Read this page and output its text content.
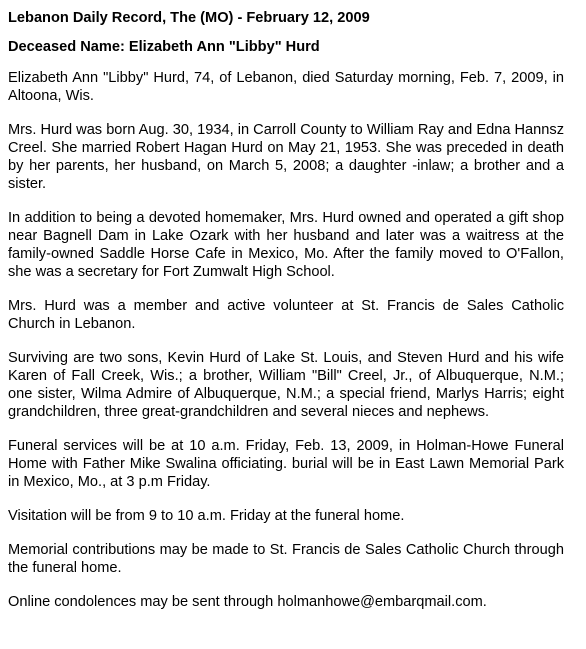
Lebanon Daily Record, The (MO) - February 12, 2009
Deceased Name: Elizabeth Ann "Libby" Hurd

Elizabeth Ann "Libby" Hurd, 74, of Lebanon, died Saturday morning, Feb. 7, 2009, in Altoona, Wis.

Mrs. Hurd was born Aug. 30, 1934, in Carroll County to William Ray and Edna Hannsz Creel. She married Robert Hagan Hurd on May 21, 1953. She was preceded in death by her parents, her husband, on March 5, 2008; a daughter -inlaw; a brother and a sister.

In addition to being a devoted homemaker, Mrs. Hurd owned and operated a gift shop near Bagnell Dam in Lake Ozark with her husband and later was a waitress at the family-owned Saddle Horse Cafe in Mexico, Mo. After the family moved to O'Fallon, she was a secretary for Fort Zumwalt High School.

Mrs. Hurd was a member and active volunteer at St. Francis de Sales Catholic Church in Lebanon.

Surviving are two sons, Kevin Hurd of Lake St. Louis, and Steven Hurd and his wife Karen of Fall Creek, Wis.; a brother, William "Bill" Creel, Jr., of Albuquerque, N.M.; one sister, Wilma Admire of Albuquerque, N.M.; a special friend, Marlys Harris; eight grandchildren, three great-grandchildren and several nieces and nephews.

Funeral services will be at 10 a.m. Friday, Feb. 13, 2009, in Holman-Howe Funeral Home with Father Mike Swalina officiating. burial will be in East Lawn Memorial Park in Mexico, Mo., at 3 p.m Friday.

Visitation will be from 9 to 10 a.m. Friday at the funeral home.

Memorial contributions may be made to St. Francis de Sales Catholic Church through the funeral home.

Online condolences may be sent through holmanhowe@embarqmail.com.
